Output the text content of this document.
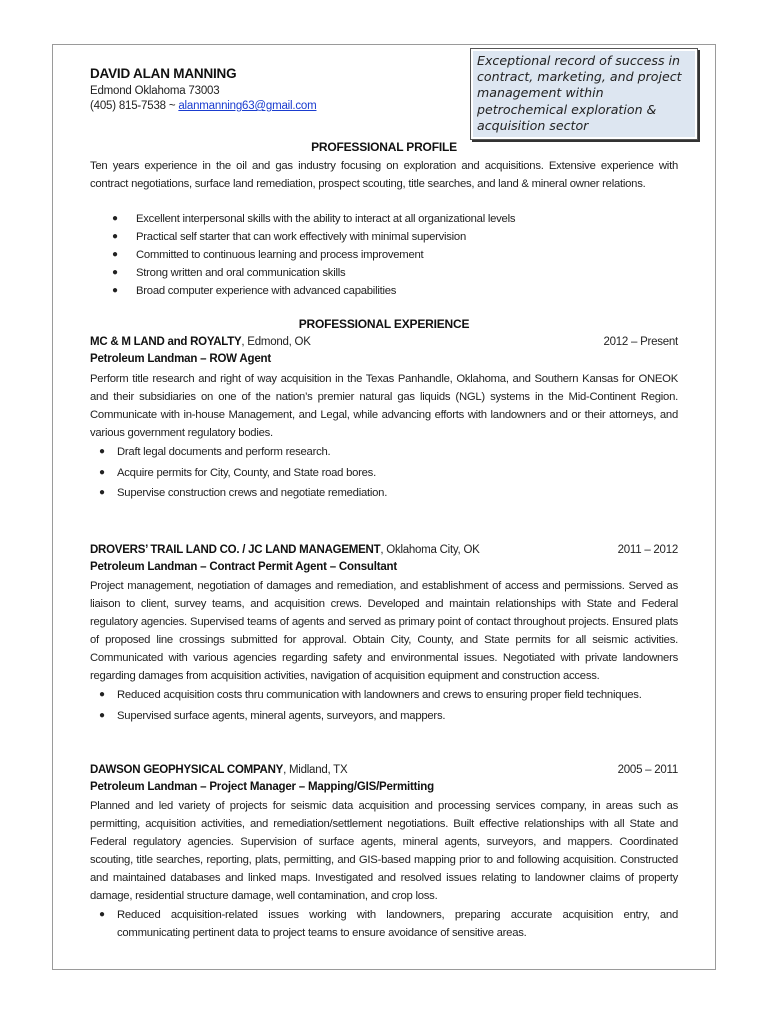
DAVID ALAN MANNING
Edmond Oklahoma 73003
(405) 815-7538 ~ alanmanning63@gmail.com
Exceptional record of success in contract, marketing, and project management within petrochemical exploration & acquisition sector
PROFESSIONAL PROFILE

Ten years experience in the oil and gas industry focusing on exploration and acquisitions. Extensive experience with contract negotiations, surface land remediation, prospect scouting, title searches, and land & mineral owner relations.

● Excellent interpersonal skills with the ability to interact at all organizational levels
● Practical self starter that can work effectively with minimal supervision
● Committed to continuous learning and process improvement
● Strong written and oral communication skills
● Broad computer experience with advanced capabilities
PROFESSIONAL EXPERIENCE
MC & M LAND and ROYALTY, Edmond, OK	2012 – Present
Petroleum Landman – ROW Agent

Perform title research and right of way acquisition in the Texas Panhandle, Oklahoma, and Southern Kansas for ONEOK and their subsidiaries on one of the nation’s premier natural gas liquids (NGL) systems in the Mid-Continent Region. Communicate with in-house Management, and Legal, while advancing efforts with landowners and or their attorneys, and various government regulatory bodies.

● Draft legal documents and perform research.
● Acquire permits for City, County, and State road bores.
● Supervise construction crews and negotiate remediation.
DROVERS’ TRAIL LAND CO. / JC LAND MANAGEMENT, Oklahoma City, OK	2011 – 2012
Petroleum Landman – Contract Permit Agent – Consultant

Project management, negotiation of damages and remediation, and establishment of access and permissions. Served as liaison to client, survey teams, and acquisition crews. Developed and maintain relationships with State and Federal regulatory agencies. Supervised teams of agents and served as primary point of contact throughout projects. Ensured plats of proposed line crossings submitted for approval. Obtain City, County, and State permits for all seismic activities. Communicated with various agencies regarding safety and environmental issues. Negotiated with private landowners regarding damages from acquisition activities, navigation of acquisition equipment and construction access.

● Reduced acquisition costs thru communication with landowners and crews to ensuring proper field techniques.
● Supervised surface agents, mineral agents, surveyors, and mappers.
DAWSON GEOPHYSICAL COMPANY, Midland, TX	2005 – 2011
Petroleum Landman – Project Manager – Mapping/GIS/Permitting

Planned and led variety of projects for seismic data acquisition and processing services company, in areas such as permitting, acquisition activities, and remediation/settlement negotiations. Built effective relationships with all State and Federal regulatory agencies. Supervision of surface agents, mineral agents, surveyors, and mappers. Coordinated scouting, title searches, reporting, plats, permitting, and GIS-based mapping prior to and following acquisition. Constructed and maintained databases and linked maps. Investigated and resolved issues relating to landowner claims of property damage, residential structure damage, well contamination, and crop loss.

● Reduced acquisition-related issues working with landowners, preparing accurate acquisition entry, and communicating pertinent data to project teams to ensure avoidance of sensitive areas.
